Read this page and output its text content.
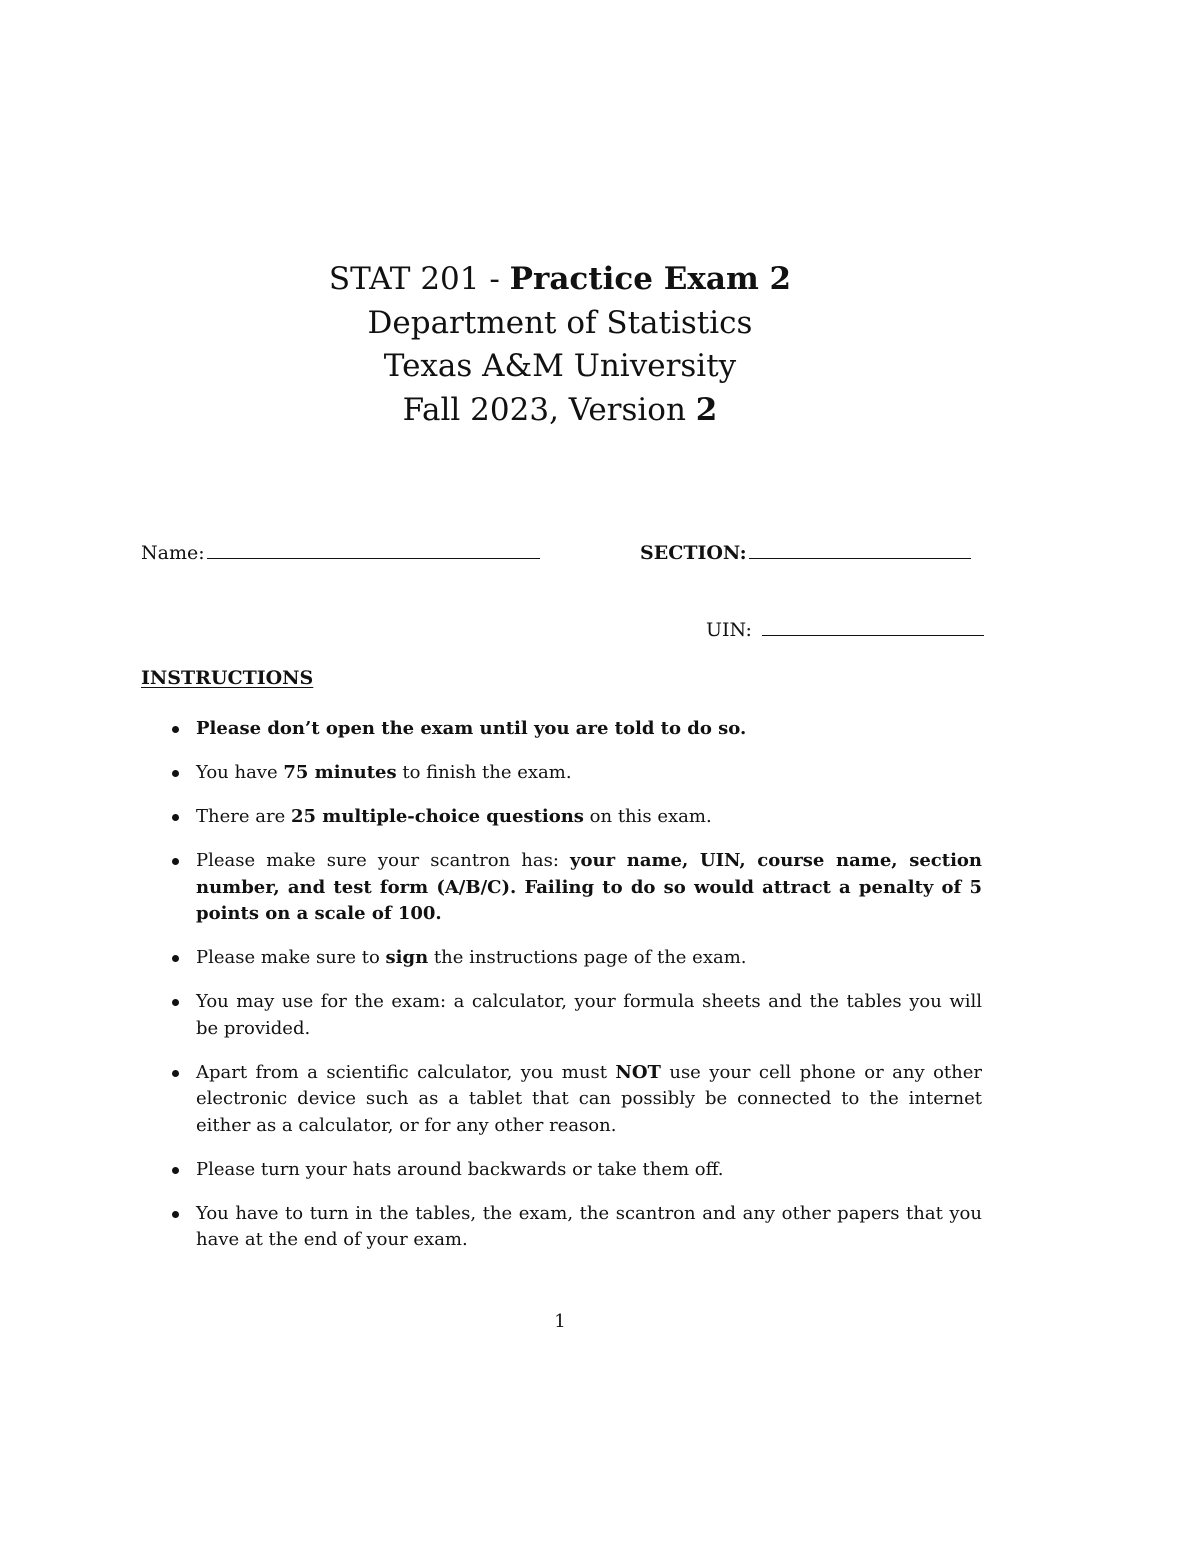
STAT 201 - Practice Exam 2
Department of Statistics
Texas A&M University
Fall 2023, Version 2
Name:	SECTION:
UIN:
INSTRUCTIONS
Please don’t open the exam until you are told to do so.
You have 75 minutes to finish the exam.
There are 25 multiple-choice questions on this exam.
Please make sure your scantron has: your name, UIN, course name, section number, and test form (A/B/C). Failing to do so would attract a penalty of 5 points on a scale of 100.
Please make sure to sign the instructions page of the exam.
You may use for the exam: a calculator, your formula sheets and the tables you will be provided.
Apart from a scientific calculator, you must NOT use your cell phone or any other electronic device such as a tablet that can possibly be connected to the internet either as a calculator, or for any other reason.
Please turn your hats around backwards or take them off.
You have to turn in the tables, the exam, the scantron and any other papers that you have at the end of your exam.
1
